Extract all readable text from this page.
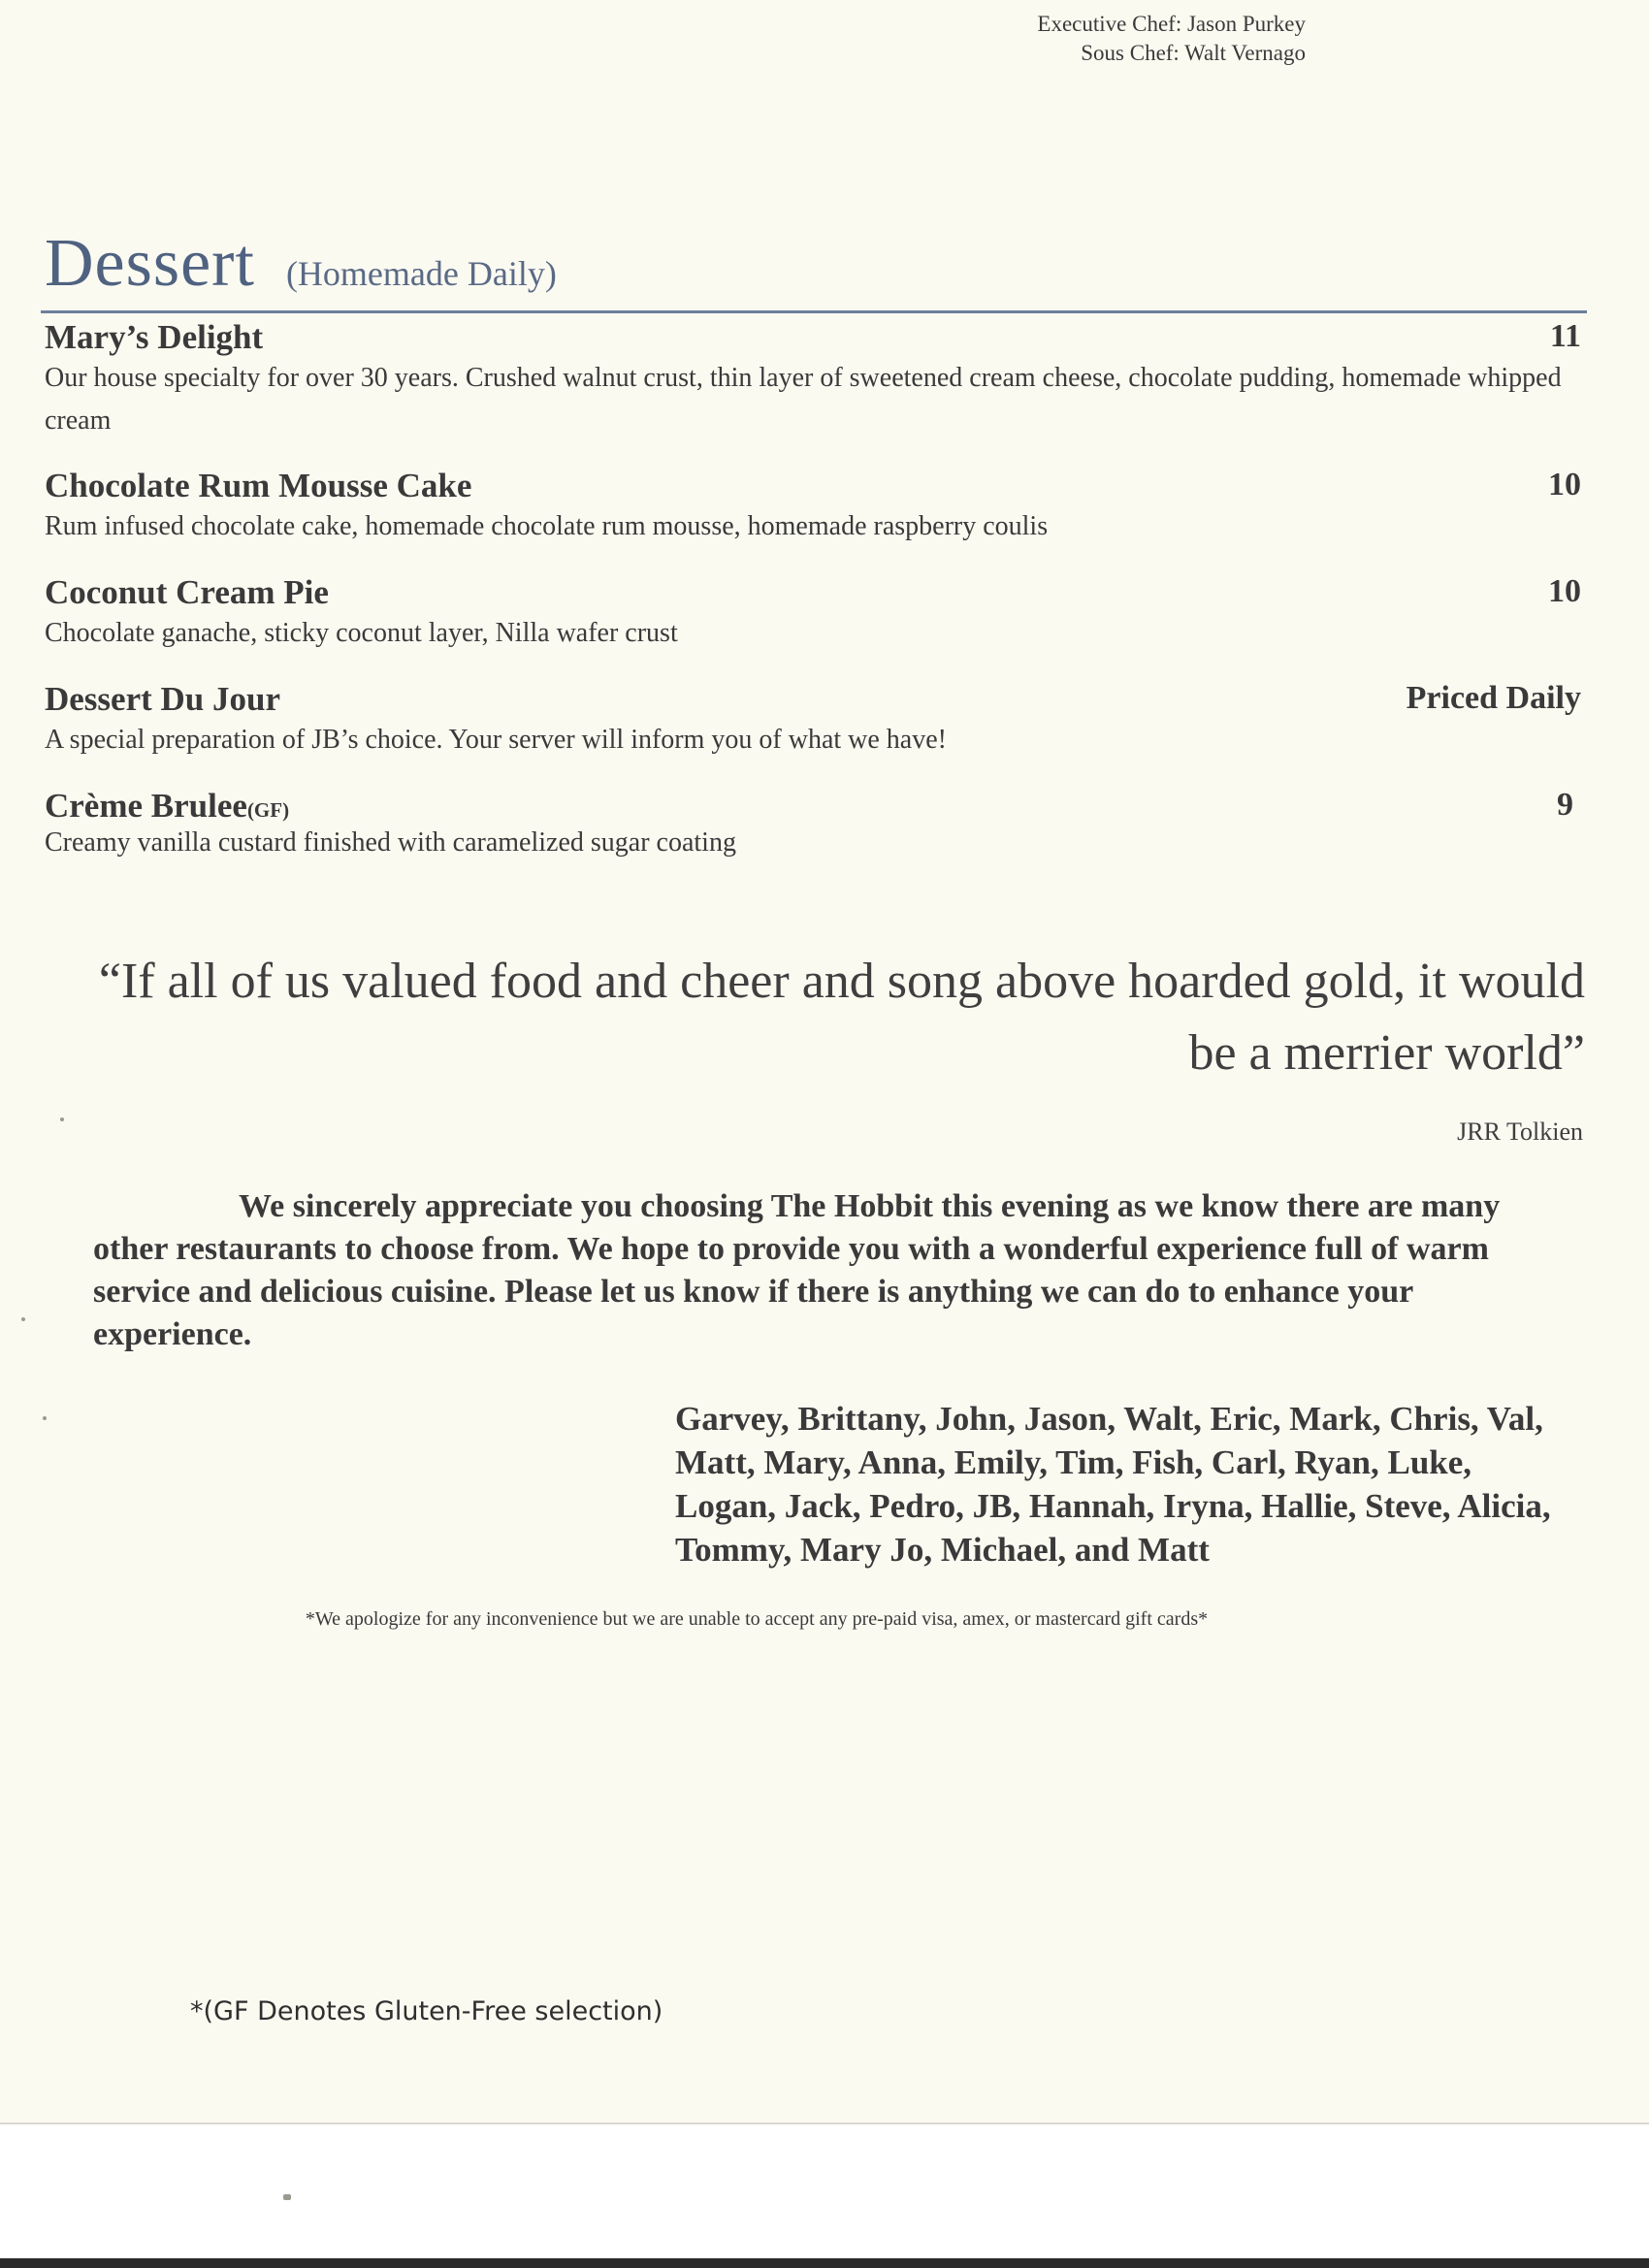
Executive Chef: Jason Purkey
Sous Chef: Walt Vernago
Dessert (Homemade Daily)
Mary’s Delight	11
Our house specialty for over 30 years. Crushed walnut crust, thin layer of sweetened cream cheese, chocolate pudding, homemade whipped cream
Chocolate Rum Mousse Cake	10
Rum infused chocolate cake, homemade chocolate rum mousse, homemade raspberry coulis
Coconut Cream Pie	10
Chocolate ganache, sticky coconut layer, Nilla wafer crust
Dessert Du Jour	Priced Daily
A special preparation of JB’s choice. Your server will inform you of what we have!
Crème Brulee(GF)	9
Creamy vanilla custard finished with caramelized sugar coating
“If all of us valued food and cheer and song above hoarded gold, it would be a merrier world”
JRR Tolkien
We sincerely appreciate you choosing The Hobbit this evening as we know there are many other restaurants to choose from. We hope to provide you with a wonderful experience full of warm service and delicious cuisine. Please let us know if there is anything we can do to enhance your experience.
Garvey, Brittany, John, Jason, Walt, Eric, Mark, Chris, Val, Matt, Mary, Anna, Emily, Tim, Fish, Carl, Ryan, Luke, Logan, Jack, Pedro, JB, Hannah, Iryna, Hallie, Steve, Alicia, Tommy, Mary Jo, Michael, and Matt
*We apologize for any inconvenience but we are unable to accept any pre-paid visa, amex, or mastercard gift cards*
*(GF Denotes Gluten-Free selection)
